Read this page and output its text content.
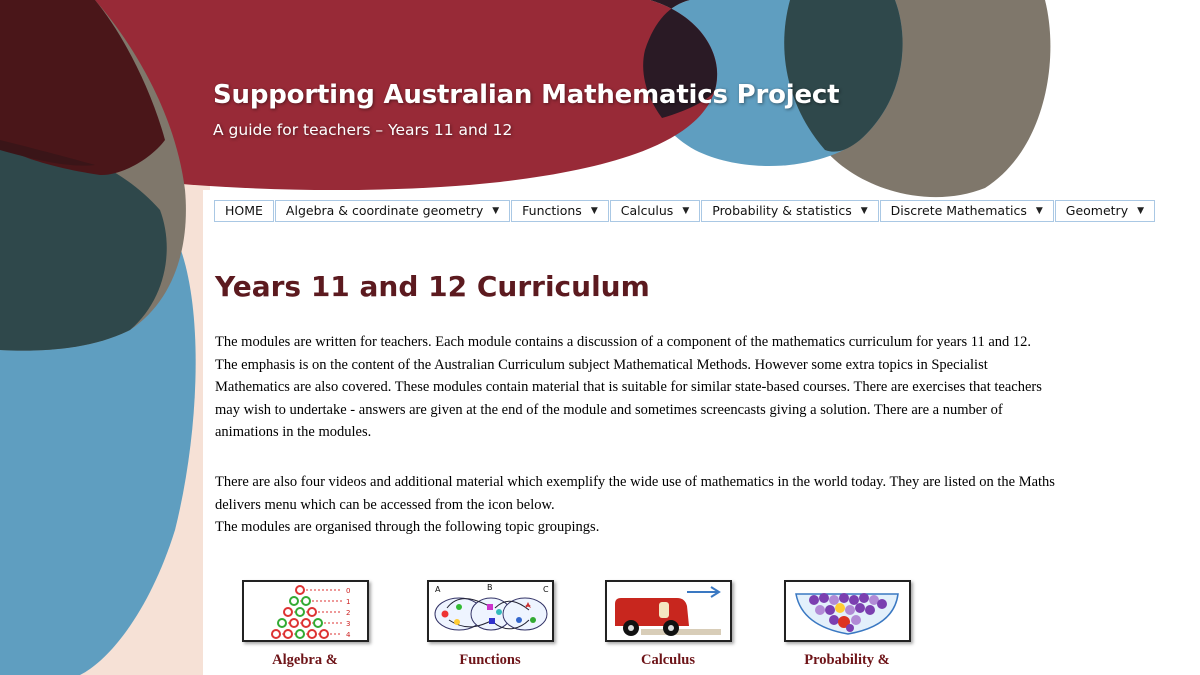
Supporting Australian Mathematics Project
A guide for teachers – Years 11 and 12
HOME Algebra & coordinate geometry ▼ Functions ▼ Calculus ▼ Probability & statistics ▼ Discrete Mathematics ▼ Geometry ▼
Years 11 and 12 Curriculum

The modules are written for teachers. Each module contains a discussion of a component of the mathematics curriculum for years 11 and 12. The emphasis is on the content of the Australian Curriculum subject Mathematical Methods. However some extra topics in Specialist Mathematics are also covered. These modules contain material that is suitable for similar state-based courses. There are exercises that teachers may wish to undertake - answers are given at the end of the module and sometimes screencasts giving a solution. There are a number of animations in the modules.

There are also four videos and additional material which exemplify the wide use of mathematics in the world today. They are listed on the Maths delivers menu which can be accessed from the icon below.

The modules are organised through the following topic groupings.

0
1
2
3
4
Algebra &
A	B	C
Functions	Calculus	Probability &
